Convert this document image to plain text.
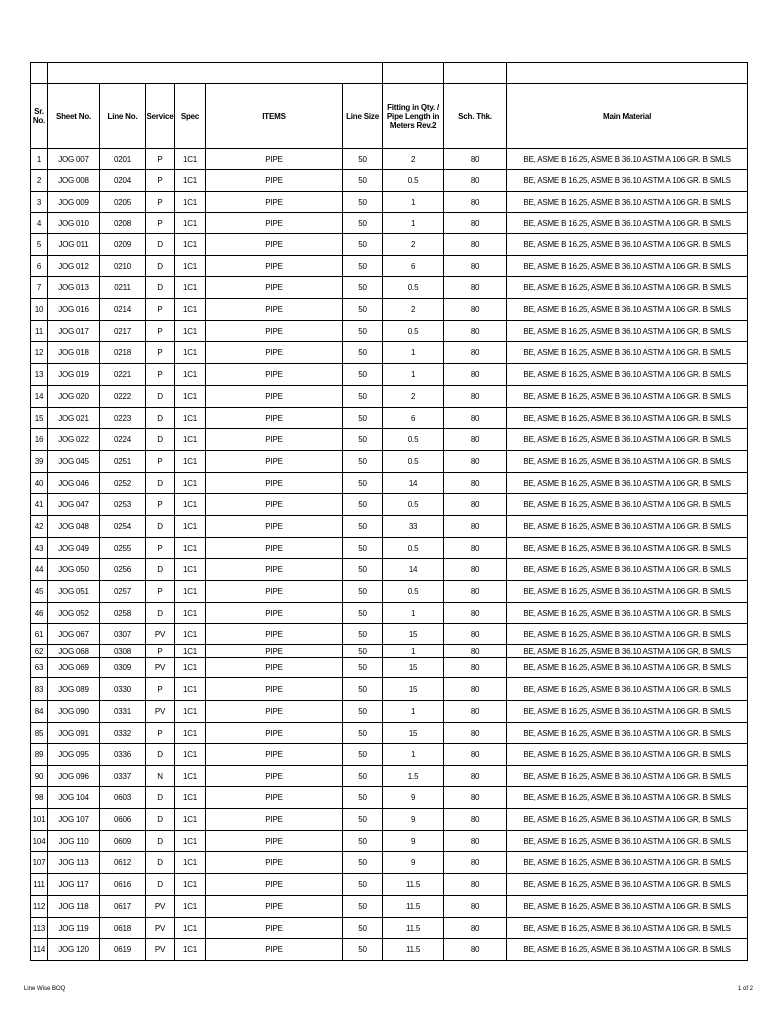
Sr. No.	Sheet No.	Line No.	Service	Spec	ITEMS	Line Size	Fitting in Qty. / Pipe Length in Meters Rev.2	Sch. Thk.	Main Material
1	JOG 007	0201	P	1C1	PIPE	50	2	80	BE, ASME B 16.25, ASME B 36.10 ASTM A 106 GR. B SMLS
2	JOG 008	0204	P	1C1	PIPE	50	0.5	80	BE, ASME B 16.25, ASME B 36.10 ASTM A 106 GR. B SMLS
3	JOG 009	0205	P	1C1	PIPE	50	1	80	BE, ASME B 16.25, ASME B 36.10 ASTM A 106 GR. B SMLS
4	JOG 010	0208	P	1C1	PIPE	50	1	80	BE, ASME B 16.25, ASME B 36.10 ASTM A 106 GR. B SMLS
5	JOG 011	0209	D	1C1	PIPE	50	2	80	BE, ASME B 16.25, ASME B 36.10 ASTM A 106 GR. B SMLS
6	JOG 012	0210	D	1C1	PIPE	50	6	80	BE, ASME B 16.25, ASME B 36.10 ASTM A 106 GR. B SMLS
7	JOG 013	0211	D	1C1	PIPE	50	0.5	80	BE, ASME B 16.25, ASME B 36.10 ASTM A 106 GR. B SMLS
10	JOG 016	0214	P	1C1	PIPE	50	2	80	BE, ASME B 16.25, ASME B 36.10 ASTM A 106 GR. B SMLS
11	JOG 017	0217	P	1C1	PIPE	50	0.5	80	BE, ASME B 16.25, ASME B 36.10 ASTM A 106 GR. B SMLS
12	JOG 018	0218	P	1C1	PIPE	50	1	80	BE, ASME B 16.25, ASME B 36.10 ASTM A 106 GR. B SMLS
13	JOG 019	0221	P	1C1	PIPE	50	1	80	BE, ASME B 16.25, ASME B 36.10 ASTM A 106 GR. B SMLS
14	JOG 020	0222	D	1C1	PIPE	50	2	80	BE, ASME B 16.25, ASME B 36.10 ASTM A 106 GR. B SMLS
15	JOG 021	0223	D	1C1	PIPE	50	6	80	BE, ASME B 16.25, ASME B 36.10 ASTM A 106 GR. B SMLS
16	JOG 022	0224	D	1C1	PIPE	50	0.5	80	BE, ASME B 16.25, ASME B 36.10 ASTM A 106 GR. B SMLS
39	JOG 045	0251	P	1C1	PIPE	50	0.5	80	BE, ASME B 16.25, ASME B 36.10 ASTM A 106 GR. B SMLS
40	JOG 046	0252	D	1C1	PIPE	50	14	80	BE, ASME B 16.25, ASME B 36.10 ASTM A 106 GR. B SMLS
41	JOG 047	0253	P	1C1	PIPE	50	0.5	80	BE, ASME B 16.25, ASME B 36.10 ASTM A 106 GR. B SMLS
42	JOG 048	0254	D	1C1	PIPE	50	33	80	BE, ASME B 16.25, ASME B 36.10 ASTM A 106 GR. B SMLS
43	JOG 049	0255	P	1C1	PIPE	50	0.5	80	BE, ASME B 16.25, ASME B 36.10 ASTM A 106 GR. B SMLS
44	JOG 050	0256	D	1C1	PIPE	50	14	80	BE, ASME B 16.25, ASME B 36.10 ASTM A 106 GR. B SMLS
45	JOG 051	0257	P	1C1	PIPE	50	0.5	80	BE, ASME B 16.25, ASME B 36.10 ASTM A 106 GR. B SMLS
46	JOG 052	0258	D	1C1	PIPE	50	1	80	BE, ASME B 16.25, ASME B 36.10 ASTM A 106 GR. B SMLS
61	JOG 067	0307	PV	1C1	PIPE	50	15	80	BE, ASME B 16.25, ASME B 36.10 ASTM A 106 GR. B SMLS
62	JOG 068	0308	P	1C1	PIPE	50	1	80	BE, ASME B 16.25, ASME B 36.10 ASTM A 106 GR. B SMLS
63	JOG 069	0309	PV	1C1	PIPE	50	15	80	BE, ASME B 16.25, ASME B 36.10 ASTM A 106 GR. B SMLS
83	JOG 089	0330	P	1C1	PIPE	50	15	80	BE, ASME B 16.25, ASME B 36.10 ASTM A 106 GR. B SMLS
84	JOG 090	0331	PV	1C1	PIPE	50	1	80	BE, ASME B 16.25, ASME B 36.10 ASTM A 106 GR. B SMLS
85	JOG 091	0332	P	1C1	PIPE	50	15	80	BE, ASME B 16.25, ASME B 36.10 ASTM A 106 GR. B SMLS
89	JOG 095	0336	D	1C1	PIPE	50	1	80	BE, ASME B 16.25, ASME B 36.10 ASTM A 106 GR. B SMLS
90	JOG 096	0337	N	1C1	PIPE	50	1.5	80	BE, ASME B 16.25, ASME B 36.10 ASTM A 106 GR. B SMLS
98	JOG 104	0603	D	1C1	PIPE	50	9	80	BE, ASME B 16.25, ASME B 36.10 ASTM A 106 GR. B SMLS
101	JOG 107	0606	D	1C1	PIPE	50	9	80	BE, ASME B 16.25, ASME B 36.10 ASTM A 106 GR. B SMLS
104	JOG 110	0609	D	1C1	PIPE	50	9	80	BE, ASME B 16.25, ASME B 36.10 ASTM A 106 GR. B SMLS
107	JOG 113	0612	D	1C1	PIPE	50	9	80	BE, ASME B 16.25, ASME B 36.10 ASTM A 106 GR. B SMLS
111	JOG 117	0616	D	1C1	PIPE	50	11.5	80	BE, ASME B 16.25, ASME B 36.10 ASTM A 106 GR. B SMLS
112	JOG 118	0617	PV	1C1	PIPE	50	11.5	80	BE, ASME B 16.25, ASME B 36.10 ASTM A 106 GR. B SMLS
113	JOG 119	0618	PV	1C1	PIPE	50	11.5	80	BE, ASME B 16.25, ASME B 36.10 ASTM A 106 GR. B SMLS
114	JOG 120	0619	PV	1C1	PIPE	50	11.5	80	BE, ASME B 16.25, ASME B 36.10 ASTM A 106 GR. B SMLS
Line Wise BOQ	1 of 2
